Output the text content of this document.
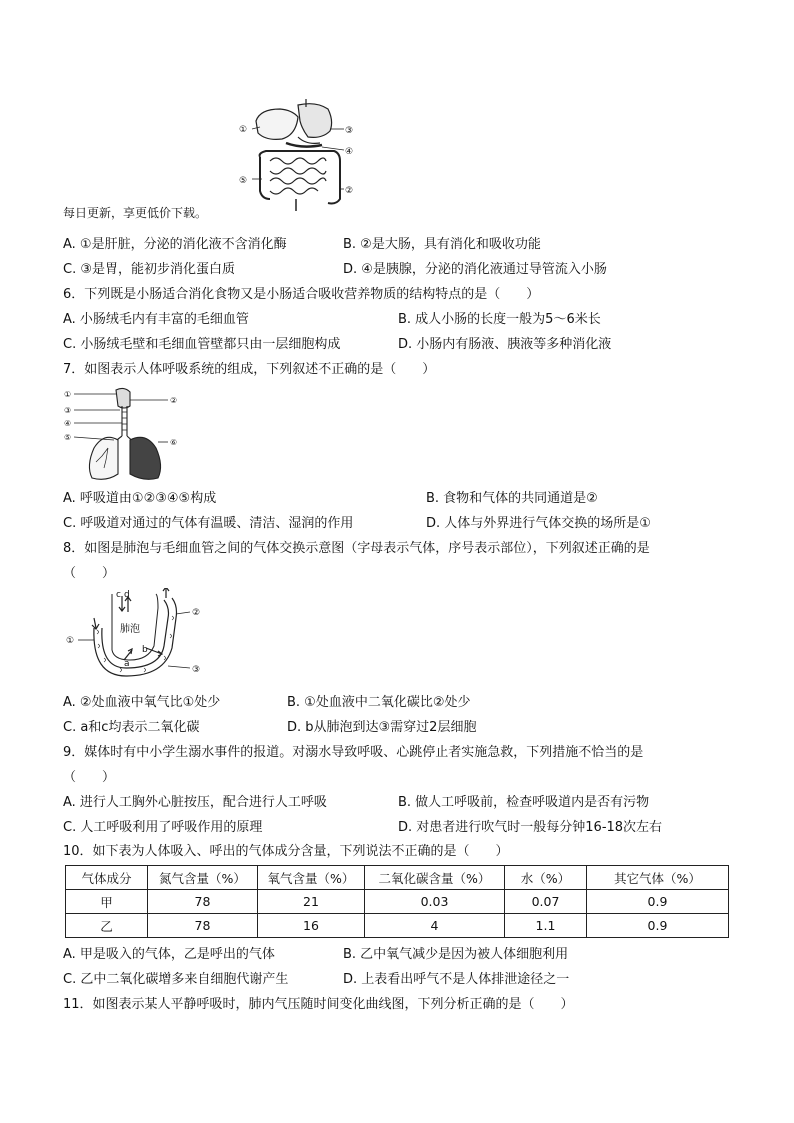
①	③
④
⑤
②
每日更新，享更低价下载。
A. ①是肝脏，分泌的消化液不含消化酶	B. ②是大肠，具有消化和吸收功能
C. ③是胃，能初步消化蛋白质	D. ④是胰腺，分泌的消化液通过导管流入小肠
6．下列既是小肠适合消化食物又是小肠适合吸收营养物质的结构特点的是（　　）
A. 小肠绒毛内有丰富的毛细血管	B. 成人小肠的长度一般为5～6米长
C. 小肠绒毛壁和毛细血管壁都只由一层细胞构成	D. 小肠内有肠液、胰液等多种消化液
7．如图表示人体呼吸系统的组成，下列叙述不正确的是（　　）
①
②
③
④
⑤
⑥
A. 呼吸道由①②③④⑤构成	B. 食物和气体的共同通道是②
C. 呼吸道对通过的气体有温暖、清洁、湿润的作用	D. 人体与外界进行气体交换的场所是①
8．如图是肺泡与毛细血管之间的气体交换示意图（字母表示气体，序号表示部位），下列叙述正确的是
（　　）
c d
肺泡
b
a
①
②
③
A. ②处血液中氧气比①处少	B. ①处血液中二氧化碳比②处少
C. a和c均表示二氧化碳	D. b从肺泡到达③需穿过2层细胞
9．媒体时有中小学生溺水事件的报道。对溺水导致呼吸、心跳停止者实施急救，下列措施不恰当的是
（　　）
A. 进行人工胸外心脏按压，配合进行人工呼吸	B. 做人工呼吸前，检查呼吸道内是否有污物
C. 人工呼吸利用了呼吸作用的原理	D. 对患者进行吹气时一般每分钟16-18次左右
10．如下表为人体吸入、呼出的气体成分含量，下列说法不正确的是（　　）
气体成分	氮气含量（%）	氧气含量（%）	二氧化碳含量（%）	水（%）	其它气体（%）
甲	78	21	0.03	0.07	0.9
乙	78	16	4	1.1	0.9
A. 甲是吸入的气体，乙是呼出的气体	B. 乙中氧气减少是因为被人体细胞利用
C. 乙中二氧化碳增多来自细胞代谢产生	D. 上表看出呼气不是人体排泄途径之一
11．如图表示某人平静呼吸时，肺内气压随时间变化曲线图，下列分析正确的是（　　）
